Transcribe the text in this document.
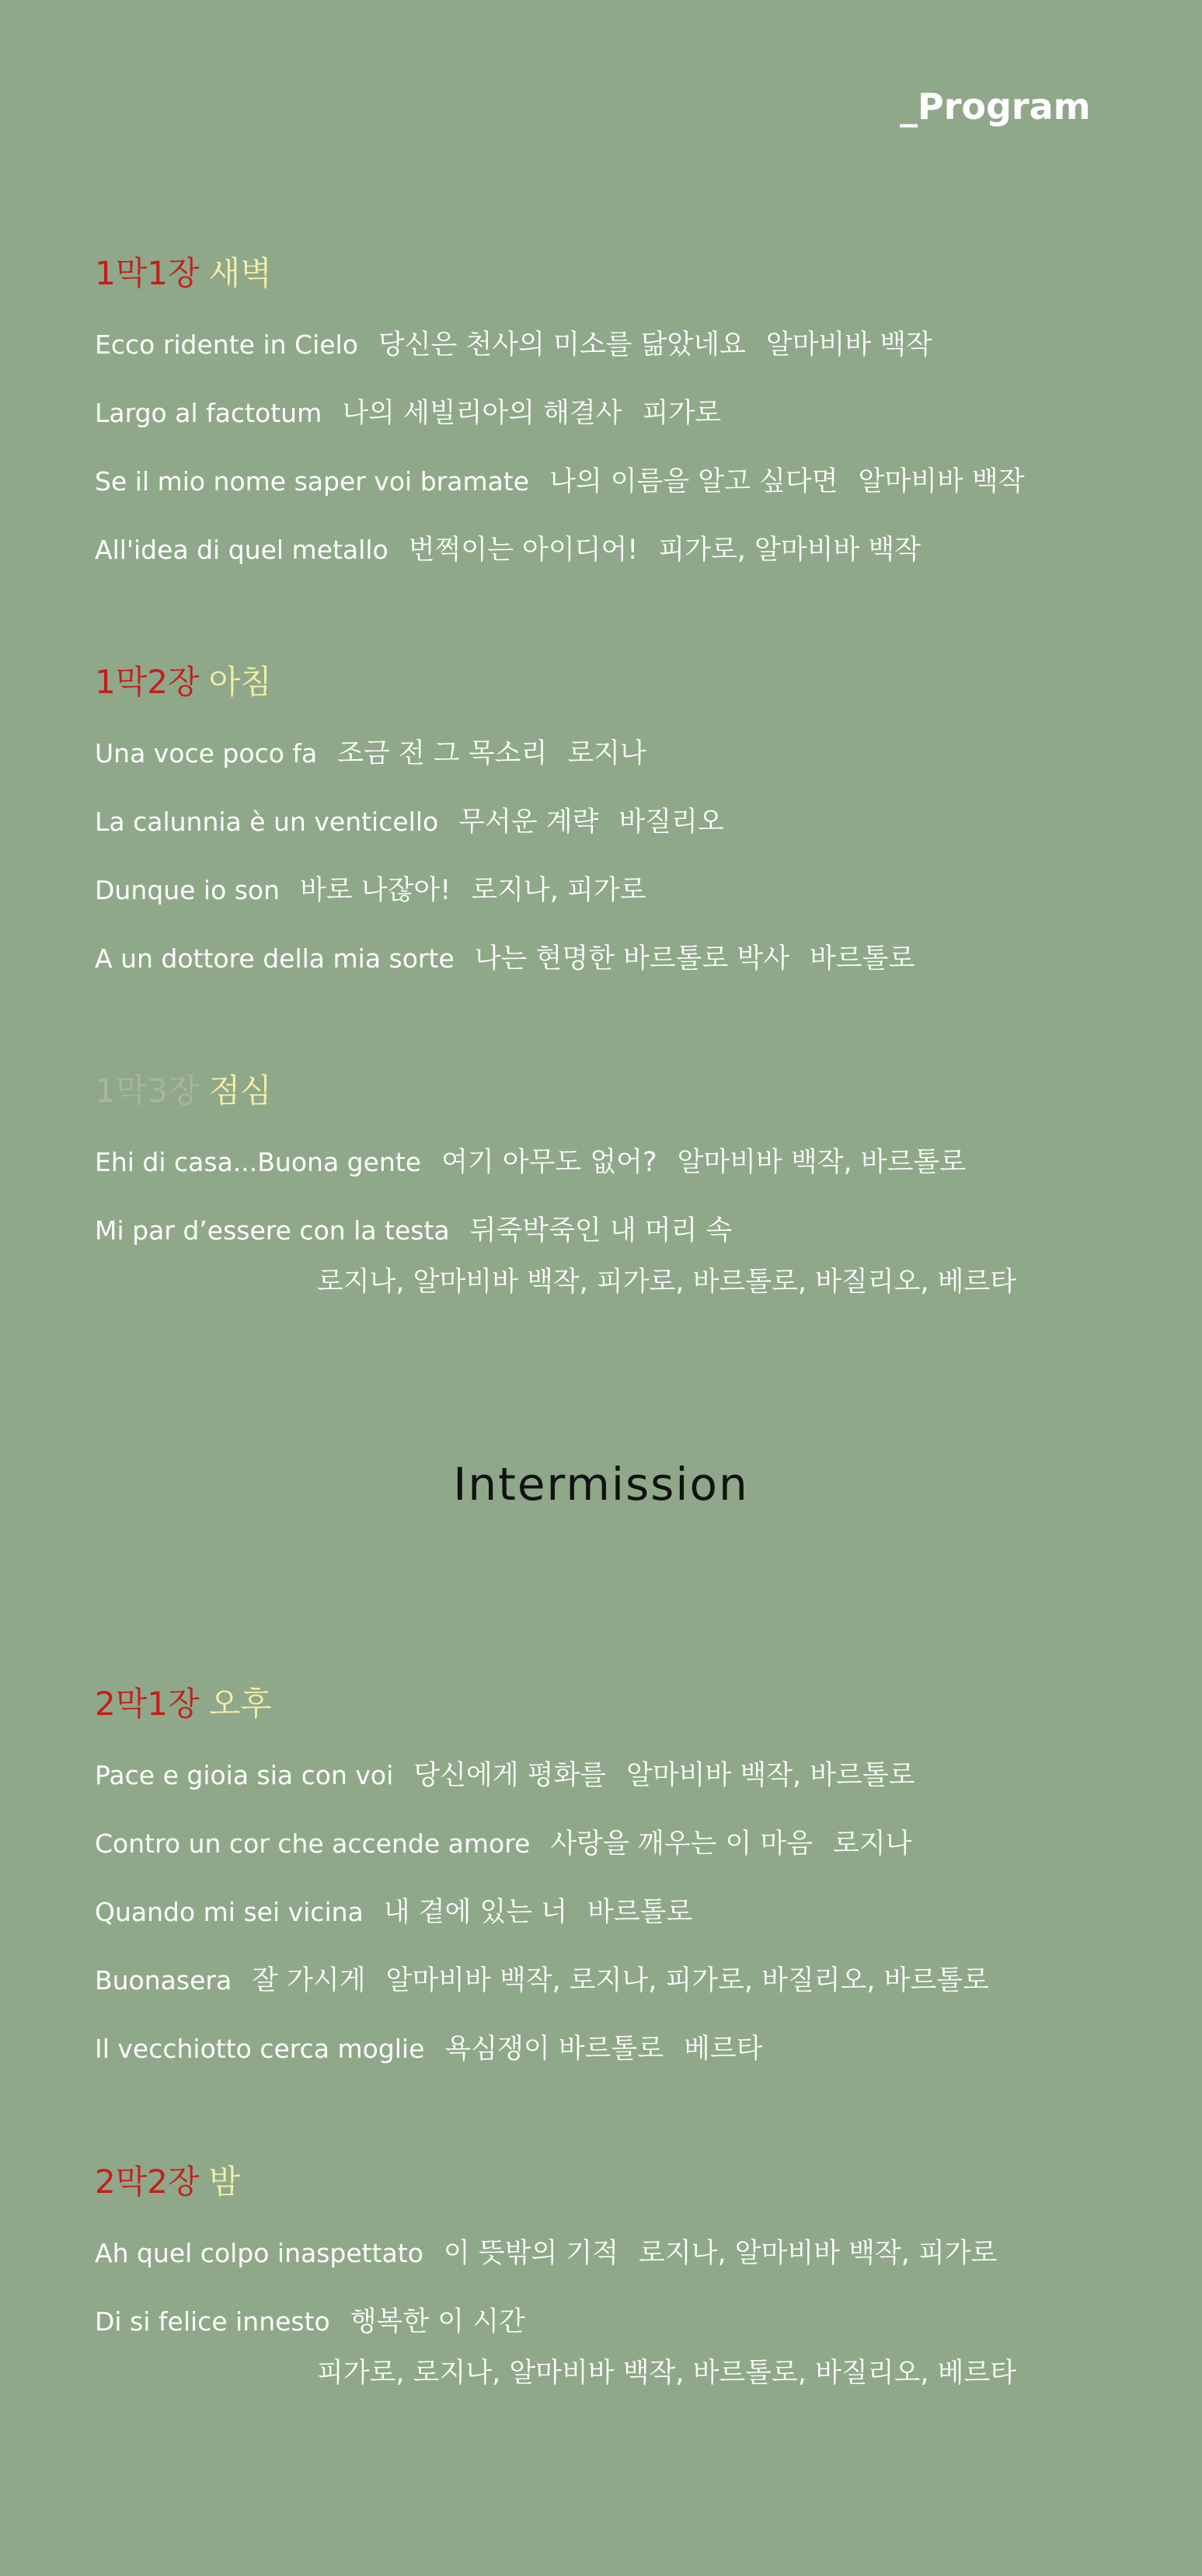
_Program
1막1장 새벽
Ecco ridente in Cielo 당신은 천사의 미소를 닮았네요 알마비바 백작
Largo al factotum 나의 세빌리아의 해결사 피가로
Se il mio nome saper voi bramate 나의 이름을 알고 싶다면 알마비바 백작
All'idea di quel metallo 번쩍이는 아이디어! 피가로, 알마비바 백작
1막2장 아침
Una voce poco fa 조금 전 그 목소리 로지나
La calunnia è un venticello 무서운 계략 바질리오
Dunque io son 바로 나잖아! 로지나, 피가로
A un dottore della mia sorte 나는 현명한 바르톨로 박사 바르톨로
1막3장 점심
Ehi di casa...Buona gente 여기 아무도 없어? 알마비바 백작, 바르톨로
Mi par d’essere con la testa 뒤죽박죽인 내 머리 속
로지나, 알마비바 백작, 피가로, 바르톨로, 바질리오, 베르타
Intermission
2막1장 오후
Pace e gioia sia con voi 당신에게 평화를 알마비바 백작, 바르톨로
Contro un cor che accende amore 사랑을 깨우는 이 마음 로지나
Quando mi sei vicina 내 곁에 있는 너 바르톨로
Buonasera 잘 가시게 알마비바 백작, 로지나, 피가로, 바질리오, 바르톨로
Il vecchiotto cerca moglie 욕심쟁이 바르톨로 베르타
2막2장 밤
Ah quel colpo inaspettato 이 뜻밖의 기적 로지나, 알마비바 백작, 피가로
Di si felice innesto 행복한 이 시간
피가로, 로지나, 알마비바 백작, 바르톨로, 바질리오, 베르타
